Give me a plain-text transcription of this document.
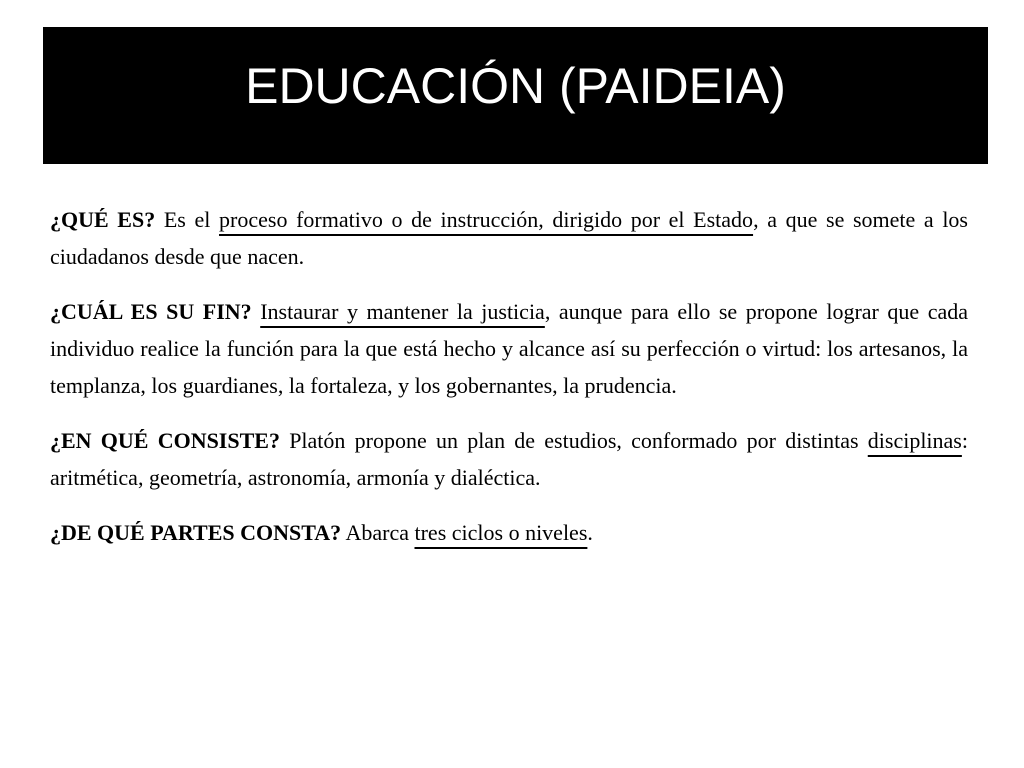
EDUCACIÓN (PAIDEIA)

¿QUÉ ES? Es el proceso formativo o de instrucción, dirigido por el Estado, a que se somete a los ciudadanos desde que nacen.

¿CUÁL ES SU FIN? Instaurar y mantener la justicia, aunque para ello se propone lograr que cada individuo realice la función para la que está hecho y alcance así su perfección o virtud: los artesanos, la templanza, los guardianes, la fortaleza, y los gobernantes, la prudencia.

¿EN QUÉ CONSISTE? Platón propone un plan de estudios, conformado por distintas disciplinas: aritmética, geometría, astronomía, armonía y dialéctica.

¿DE QUÉ PARTES CONSTA? Abarca tres ciclos o niveles.
